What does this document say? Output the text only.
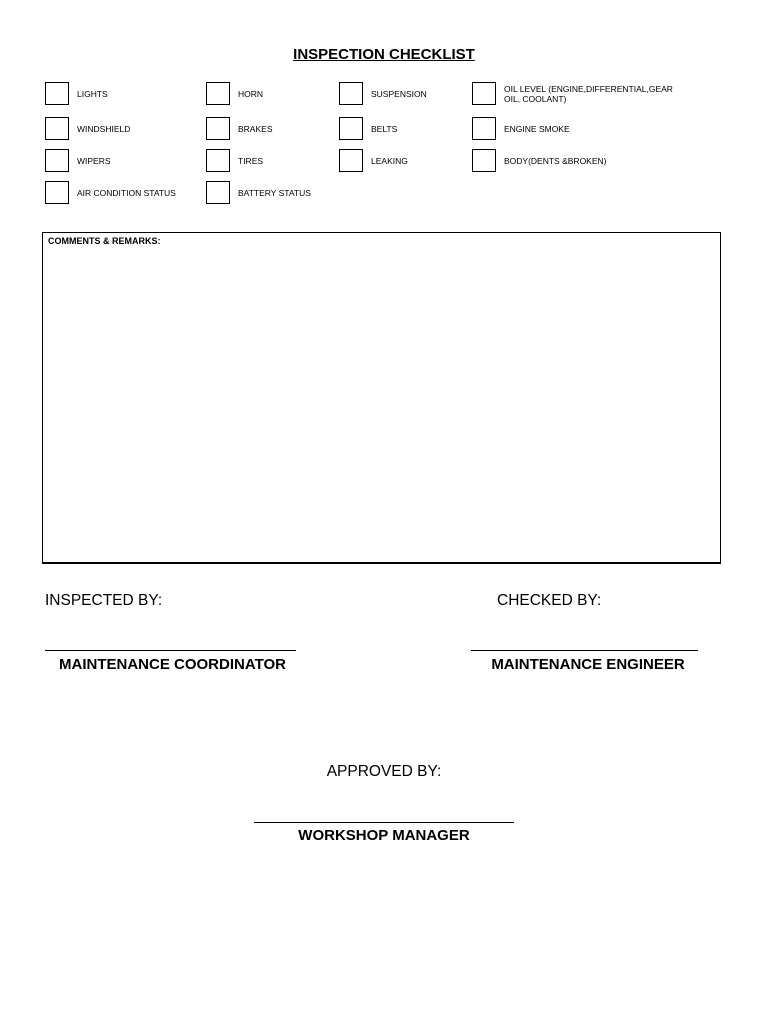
INSPECTION CHECKLIST
LIGHTS	HORN	SUSPENSION	OIL LEVEL (ENGINE,DIFFERENTIAL,GEAR
OIL, COOLANT)
WINDSHIELD	BRAKES	BELTS	ENGINE SMOKE
WIPERS	TIRES	LEAKING	BODY(DENTS &BROKEN)
AIR CONDITION STATUS	BATTERY STATUS
COMMENTS & REMARKS:
INSPECTED BY:	CHECKED BY:
MAINTENANCE COORDINATOR	MAINTENANCE ENGINEER
APPROVED BY:
WORKSHOP MANAGER
